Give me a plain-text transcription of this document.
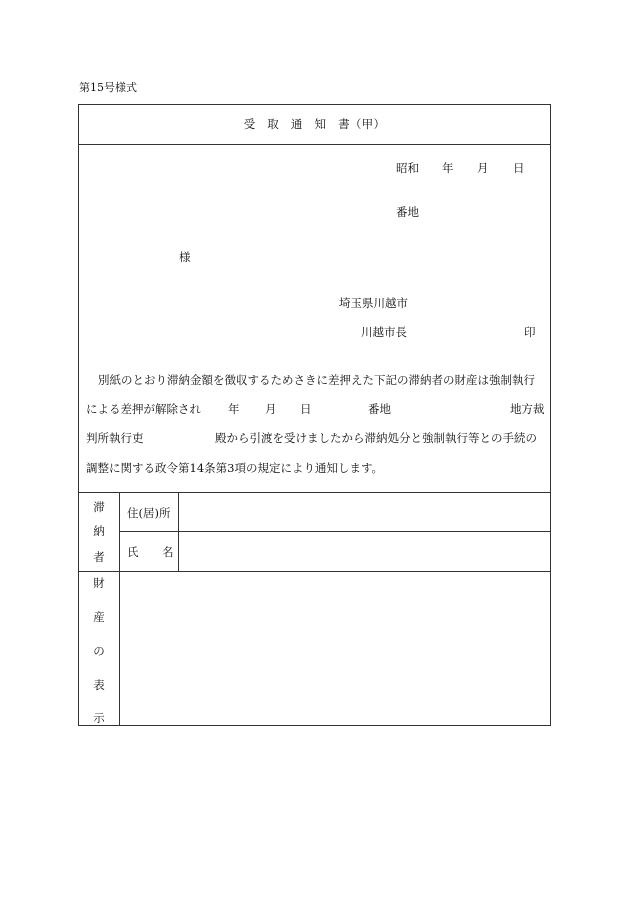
第15号様式
受　取　通　知　書（甲）
昭和 年 月 日
番地
様
埼玉県川越市
川越市長	印
別紙のとおり滞納金額を徴収するためさきに差押えた下記の滞納者の財産は強制執行
による差押が解除され 年 月 日	番地	地方裁
判所執行吏	殿から引渡を受けましたから滞納処分と強制執行等との手続の
調整に関する政令第14条第3項の規定により通知します。
滞
納
者
住(居)所
氏 名
財
産
の
表
示
